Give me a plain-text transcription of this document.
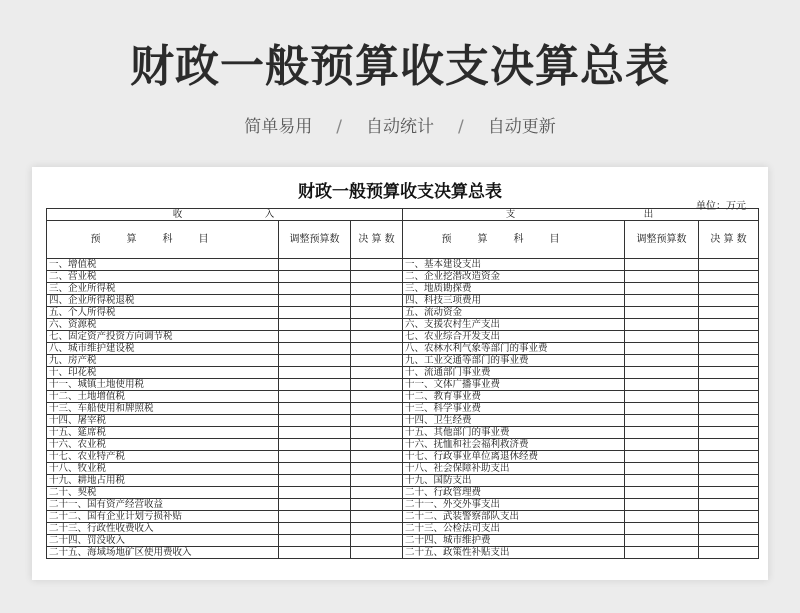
财政一般预算收支决算总表
简单易用 / 自动统计 / 自动更新
财政一般预算收支决算总表
单位：万元
收　　　　　　　入			支　　　　　　　　　　　出		
预算科目	调整预算数	决 算 数	预算科目	调整预算数	决 算 数
一、增值税			一、基本建设支出		
二、营业税			二、企业挖潜改造资金		
三、企业所得税			三、地质勘探费		
四、企业所得税退税			四、科技三项费用		
五、个人所得税			五、流动资金		
六、资源税			六、支援农村生产支出		
七、固定资产投资方向调节税			七、农业综合开发支出		
八、城市维护建设税			八、农林水利气象等部门的事业费		
九、房产税			九、工业交通等部门的事业费		
十、印花税			十、流通部门事业费		
十一、城镇土地使用税			十一、文体广播事业费		
十二、土地增值税			十二、教育事业费		
十三、车船使用和牌照税			十三、科学事业费		
十四、屠宰税			十四、卫生经费		
十五、筵席税			十五、其他部门的事业费		
十六、农业税			十六、抚恤和社会福利救济费		
十七、农业特产税			十七、行政事业单位离退休经费		
十八、牧业税			十八、社会保障补助支出		
十九、耕地占用税			十九、国防支出		
二十、契税			二十、行政管理费		
二十一、国有资产经营收益			二十一、外交外事支出		
二十二、国有企业计划亏损补贴			二十二、武装警察部队支出		
二十三、行政性收费收入			二十三、公检法司支出		
二十四、罚没收入			二十四、城市维护费		
二十五、海域场地矿区使用费收入			二十五、政策性补贴支出		
